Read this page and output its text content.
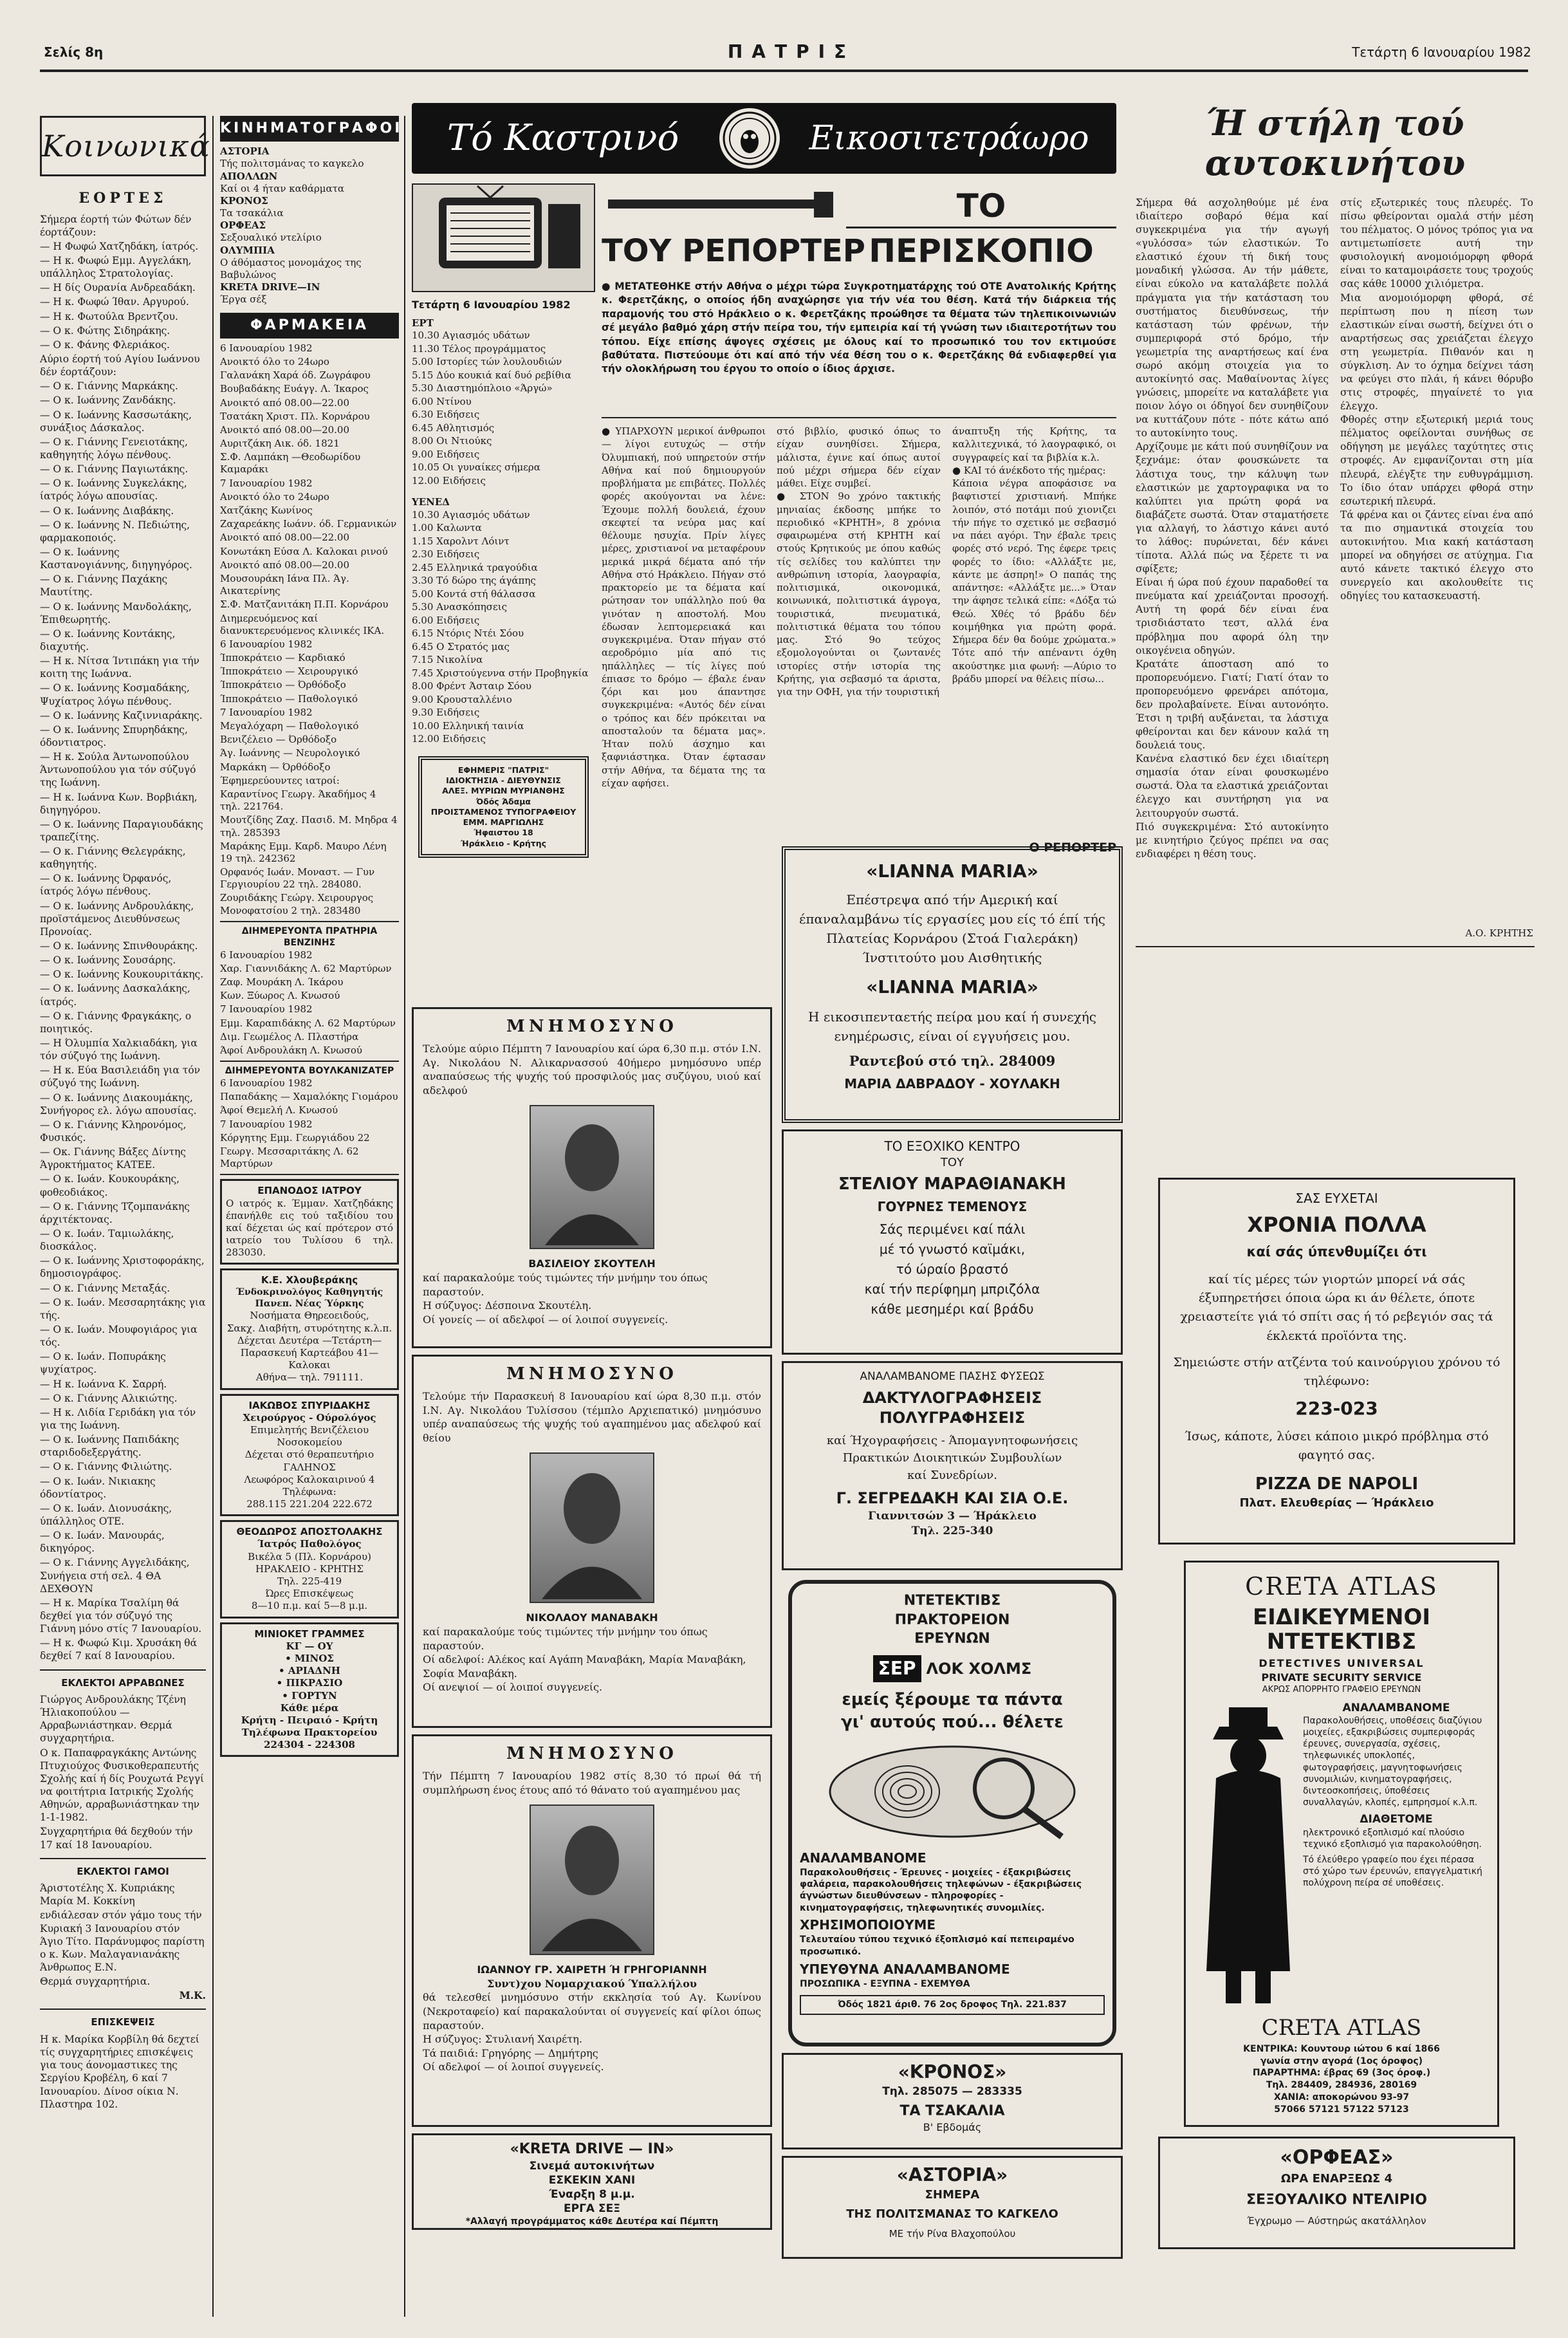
Σελίς 8η	ΠΑΤΡΙΣ	Τετάρτη 6 Ιανουαρίου 1982
Κοινωνικά
ΕΟΡΤΕΣ
Σήμερα έορτή τών Φώτων δέν έορτάζουν:
— Η Φωφώ Χατζηδάκη, ίατρός.
— Η κ. Φωφώ Εμμ. Αγγελάκη, υπάλληλος Στρατολογίας.
— Η δίς Ουρανία Ανδρεαδάκη.
— Η κ. Φωφώ Ίθαν. Αργυρού.
— Η κ. Φωτούλα Βρεντζου.
— Ο κ. Φώτης Σιδηράκης.
— Ο κ. Φάνης Φλεριάκος.
Αύριο έορτή τού Αγίου Ιωάννου δέν έορτάζουν:
— Ο κ. Γιάννης Μαρκάκης.
— Ο κ. Ιωάννης Ζανδάκης.
— Ο κ. Ιωάννης Κασσωτάκης, συνάξιος Δάσκαλος.
— Ο κ. Γιάννης Γενειοτάκης, καθηγητής λόγω πένθους.
— Ο κ. Γιάννης Παγιωτάκης.
— Ο κ. Ιωάννης Συγκελάκης, ίατρός λόγω απουσίας.
— Ο κ. Ιωάννης Διαβάκης.
— Ο κ. Ιωάννης Ν. Πεδιώτης, φαρμακοποιός.
— Ο κ. Ιωάννης Καστανογιάννης, διηγηγόρος.
— Ο κ. Γιάννης Παχάκης Μαυτίτης.
— Ο κ. Ιωάννης Μανδολάκης, Έπιθεωρητής.
— Ο κ. Ιωάννης Κοντάκης, διαχυτής.
— Η κ. Νίτσα Ίντιπάκη για τήν κοιτη της Ιωάννα.
— Ο κ. Ιωάννης Κοσμαδάκης, Ψυχίατρος λόγω πένθους.
— Ο κ. Ιωάννης Καζιννιαράκης.
— Ο κ. Ιωάννης Σπυρηδάκης, όδοντιατρος.
— Η κ. Σούλα Άντωνοπούλου Άντωνοπούλου για τόν σύζυγό της Ιωάννη.
— Η κ. Ιωάννα Κων. Βορβιάκη, διηγηγόρου.
— Ο κ. Ιωάννης Παραγιουδάκης τραπεζίτης.
— Ο κ. Γιάννης Θελεγράκης, καθηγητής.
— Ο κ. Ιωάννης Όρφανός, ίατρός λόγω πένθους.
— Ο κ. Ιωάννης Ανδρουλάκης, προϊστάμενος Διευθύνσεως Προνοίας.
— Ο κ. Ιωάννης Σπινθουράκης.
— Ο κ. Ιωάννης Σουσάρης.
— Ο κ. Ιωάννης Κουκουριτάκης.
— Ο κ. Ιωάννης Δασκαλάκης, ίατρός.
— Ο κ. Γιάννης Φραγκάκης, ο ποιητικός.
— Η Όλυμπία Χαλκιαδάκη, για τόν σύζυγό της Ιωάννη.
— Η κ. Εύα Βασιλειάδη για τόν σύζυγό της Ιωάννη.
— Ο κ. Ιωάννης Διακουμάκης, Συνήγορος ελ. λόγω απουσίας.
— Ο κ. Γιάννης Κληρονόμος, Φυσικός.
— Οκ. Γιάννης Βάξες Δίντης Άγροκτήματος ΚΑΤΕΕ.
— Ο κ. Ιωάν. Κουκουράκης, φοθεοδιάκος.
— Ο κ. Γιάννης Τζομπανάκης άρχιτέκτονας.
— Ο κ. Ιωάν. Ταμιωλάκης, διοσκάλος.
— Ο κ. Ιωάννης Χριστοφοράκης, δημοσιογράφος.
— Ο κ. Γιάννης Μεταξάς.
— Ο κ. Ιωάν. Μεσσαρητάκης για τής.
— Ο κ. Ιωάν. Μουφογιάρος για τός.
— Ο κ. Ιωάν. Πoπυράκης ψυχίατρος.
— Η κ. Ιωάννα Κ. Σαρρή.
— Ο κ. Γιάννης Αλικιώτης.
— Η κ. Λιδία Γεριδάκη για τόν για της Ιωάννη.
— Ο κ. Ιωάννης Παπιδάκης σταριδοδεξεργάτης.
— Ο κ. Γιάννης Φιλιώτης.
— Ο κ. Ιωάν. Νικιακης όδοντίατρος.
— Ο κ. Ιωάν. Διονυσάκης, ύπάλληλος ΟΤΕ.
— Ο κ. Ιωάν. Μανουράς, δικηγόρος.
— Ο κ. Γιάννης Αγγελιδάκης, Συνήγεια στή σελ. 4 ΘΑ ΔΕΧΘΟΥΝ
— Η κ. Μαρίκα Τσαλίμη θά δεχθεί για τόν σύζυγό της Γιάννη μόνο στίς 7 Ιανουαρίου.
— Η κ. Φωφώ Κιμ. Χρυσάκη θά δεχθεί 7 καί 8 Ιανουαρίου.
ΕΚΛΕΚΤΟΙ ΑΡΡΑΒΩΝΕΣ
Γιώργος Ανδρουλάκης Τζένη Ήλιακοπούλου — Αρραβωνιάστηκαν. Θερμά συγχαρητήρια.
Ο κ. Παπαφραγκάκης Αντώνης Πτυχιούχος Φυσικοθεραπευτής Σχολής καί ή δίς Ρουχωτά Ρεγγί να φοιτήτρια Ιατρικής Σχολής Αθηνών, αρραβωνιάστηκαν την 1-1-1982.
Συγχαρητήρια θά δεχθούν τήν 17 καί 18 Ιανουαρίου.
ΕΚΛΕΚΤΟΙ ΓΑΜΟΙ
Άριστοτέλης Χ. Κυπριάκης Μαρία Μ. Κοκκίνη
ενδιάλεσαν στόν γάμο τους τήν Κυριακή 3 Ιανουαρίου στόν Άγιο Τίτο. Παράνυμφος παρίστη ο κ. Κων. Μαλαγανιανάκης Άνθρωπος Ε.Ν.
Θερμά συγχαρητήρια.
Μ.Κ.
ΕΠΙΣΚΕΨΕΙΣ
Η κ. Μαρίκα Κορβίλη θά δεχτεί τίς συγχαρητήριες επισκέψεις για τους άονομαστικες της Σεργίου Κροβέλη, 6 καί 7 Ιανουαρίου. Δίνοσ οίκια Ν. Πλαστηρα 102.
ΚΙΝΗΜΑΤΟΓΡΑΦΟΙ
ΑΣΤΟΡΙΑ
Τής πολιτσμάνας το καγκελο
ΑΠΟΛΛΩΝ
Καί οι 4 ήταν καθάρματα
ΚΡΟΝΟΣ
Τα τσακάλια
ΟΡΦΕΑΣ
Σεξουαλικό ντελίριο
ΟΛΥΜΠΙΑ
Ο άθόμαστος μονομάχος της Βαβυλώνος
KRETA DRIVE—IN
Έργα σέξ
ΦΑΡΜΑΚΕΙΑ
6 Ιανουαρίου 1982
Ανοικτό όλο το 24ωρο
Γαλανάκη Χαρά όδ. Ζωγράφου
Βουβαδάκης Ευάγγ. Λ. Ίκαρος
Ανοικτό από 08.00—22.00
Τσατάκη Χριστ. Πλ. Κορνάρου
Ανοικτό από 08.00—20.00
Αυριτζάκη Αικ. όδ. 1821
Σ.Φ. Λαμπάκη —Θεοδωρίδου Καμαράκι
7 Ιανουαρίου 1982
Ανοικτό όλο το 24ωρο
Χατζάκης Κωνίνος
Ζαχαρεάκης Ιωάνν. όδ. Γερμανικών
Ανοικτό από 08.00—22.00
Κονωτάκη Εύσα Λ. Καλοκαι ρινού
Ανοικτό από 08.00—20.00
Μουσουράκη Ιάνα Πλ. Άγ. Αικατερίνης
Σ.Φ. Ματζανιτάκη Π.Π. Κορνάρου
Διημερευόμενος καί διανυκτερευόμενος κλινικές ΙΚΑ.
6 Ιανουαρίου 1982
Ίπποκράτειο — Καρδιακό
Ίπποκράτειο — Χειρουργικό
Ίπποκράτειο — Όρθόδοξο
Ίπποκράτειο — Παθολογικό
7 Ιανουαρίου 1982
Μεγαλόχαρη — Παθολογικό
Βενιζέλειο — Όρθόδοξο
Άγ. Ιωάννης — Νευρολογικό
Μαρκάκη — Όρθόδοξο
Έφημερεύουντες ιατροί:
Καραντίνος Γεωργ. Άκαδήμος 4 τηλ. 221764.
Μουτζίδης Ζαχ. Πασιδ. Μ. Μηδρα 4 τηλ. 285393
Μαράκης Εμμ. Καρδ. Μαυρο Λένη 19 τηλ. 242362
Ορφανός Ιωάν. Μοναστ. — Γυν Γεργιουρίου 22 τηλ. 284080.
Ζουριδάκης Γεώργ. Χειρουργος Μονοφατσίου 2 τηλ. 283480
ΔΙΗΜΕΡΕΥΟΝΤΑ ΠΡΑΤΗΡΙΑ ΒΕΝΖΙΝΗΣ
6 Ιανουαρίου 1982
Χαρ. Γιαννιδάκης Λ. 62 Μαρτύρων
Ζαφ. Μουράκη Λ. Ίκάρου
Κων. Ξύωρος Λ. Κνωσού
7 Ιανουαρίου 1982
Εμμ. Καραπιδάκης Λ. 62 Μαρτύρων
Διμ. Γεωμέλος Λ. Πλαστήρα
Άφοί Ανδρουλάκη Λ. Κνωσού
ΔΙΗΜΕΡΕΥΟΝΤΑ ΒΟΥΛΚΑΝΙΖΑΤΕΡ
6 Ιανουαρίου 1982
Παπαδάκης — Χαμαλόκης Γιομάρου
Άφοί Θεμελή Λ. Κνωσού
7 Ιανουαρίου 1982
Κόργητης Εμμ. Γεωργιάδου 22
Γεωργ. Μεσσαριτάκης Λ. 62 Μαρτύρων
ΕΠΑΝΟΔΟΣ ΙΑΤΡΟΥ
Ο ιατρός κ. Έμμαν. Χατζηδάκης έπανήλθε εις τού ταξιδίου του καί δέχεται ώς καί πρότερον στό ιατρείο του Τυλίσου 6 τηλ. 283030.
Κ.Ε. Χλουβεράκης
Ένδοκρινολόγος Καθηγητής Πανεπ. Νέας Ύόρκης
Νοσήματα Θηρεοειδούς,
Σακχ. Διαβήτη, στυρότητης κ.λ.π.
Δέχεται Δευτέρα —Τετάρτη—Παρασκευή Καρτεάβου 41—Καλοκαι
Αθήνα— τηλ. 791111.
ΙΑΚΩΒΟΣ ΣΠΥΡΙΔΑΚΗΣ
Χειρούργος - Ούρολόγος
Επιμελητής Βενιζέλειου Νοσοκομείου
Δέχεται στό θεραπευτήριο ΓΑΛΗΝΟΣ
Λεωφόρος Καλοκαιρινού 4
Τηλέφωνα:
288.115 221.204 222.672
ΘΕΟΔΩΡΟΣ ΑΠΟΣΤΟΛΑΚΗΣ
Ίατρός Παθολόγος
Βικέλα 5 (Πλ. Κορνάρου)
ΗΡΑΚΛΕΙΟ - ΚΡΗΤΗΣ
Τηλ. 225-419
Ώρες Επισκέψεως
8—10 π.μ. καί 5—8 μ.μ.
ΜΙΝΙΟΚΕΤ ΓΡΑΜΜΕΣ
ΚΓ — ΟΥ
• ΜΙΝΟΣ
• ΑΡΙΑΔΝΗ
• ΠΙΚΡΑΣΙΟ
• ΓΟΡΤΥΝ
Κάθε μέρα
Κρήτη - Πειραιό - Κρήτη
Τηλέφωνα Πρακτορείου
224304 - 224308
Τό Καστρινό	Εικοσιτετράωρο
Τετάρτη 6 Ιανουαρίου 1982
ΕΡΤ
10.30 Αγιασμός υδάτων
11.30 Τέλος προγράμματος
5.00 Ιστορίες τών λουλουδιών
5.15 Δύο κουκιά καί δυό ρεβίθια
5.30 Διαστημόπλοιο «Άργώ»
6.00 Ντίνου
6.30 Ειδήσεις
6.45 Αθλητισμός
8.00 Οι Ντιούκς
9.00 Ειδήσεις
10.05 Οι γυναίκες σήμερα
12.00 Ειδήσεις
ΥΕΝΕΔ
10.30 Αγιασμός υδάτων
1.00 Καλωντα
1.15 Χαρολντ Λόιντ
2.30 Ειδήσεις
2.45 Ελληνικά τραγούδια
3.30 Τό δώρο της άγάπης
5.00 Κοντά στή θάλασσα
5.30 Ανασκόπησεις
6.00 Ειδήσεις
6.15 Ντόρις Ντέι Σόου
6.45 Ο Στρατός μας
7.15 Νικολίνα
7.45 Χριστούγεννα στήν Προβηγκία
8.00 Φρέντ Άσταιρ Σόου
9.00 Κρουσταλλένιο
9.30 Ειδήσεις
10.00 Ελληνική ταινία
12.00 Ειδήσεις
ΕΦΗΜΕΡΙΣ "ΠΑΤΡΙΣ"
ΙΔΙΟΚΤΗΣΙΑ - ΔΙΕΥΘΥΝΣΙΣ
ΑΛΕΞ. ΜΥΡΙΩΝ ΜΥΡΙΑΝΘΗΣ
Όδός Άδαμα
ΠΡΟΙΣΤΑΜΕΝΟΣ ΤΥΠΟΓΡΑΦΕΙΟΥ
ΕΜΜ. ΜΑΡΓΙΩΛΗΣ
Ήφαιστου 18
Ήράκλειο - Κρήτης
ΤΟ ΠΕΡΙΣΚΟΠΙΟ
ΤΟΥ ΡΕΠΟΡΤΕΡ
● ΜΕΤΑΤΕΘΗΚΕ στήν Αθήνα ο μέχρι τώρα Συγκροτηματάρχης τού ΟΤΕ Ανατολικής Κρήτης κ. Φερετζάκης, ο οποίος ήδη αναχώρησε για τήν νέα του θέση. Κατά τήν διάρκεια τής παραμονής του στό Ηράκλειο ο κ. Φερετζάκης προώθησε τα θέματα τών τηλεπικοινωνιών σέ μεγάλο βαθμό χάρη στήν πείρα του, τήν εμπειρία καί τή γνώση των ιδιαιτεροτήτων του τόπου. Είχε επίσης άψογες σχέσεις με όλους καί το προσωπικό του τον εκτιμούσε βαθύτατα. Πιστεύουμε ότι καί από τήν νέα θέση του ο κ. Φερετζάκης θά ενδιαφερθεί για τήν ολοκλήρωση του έργου το οποίο ο ίδιος άρχισε.
● ΥΠΑΡΧΟΥΝ μερικοί άνθρωποι — λίγοι ευτυχώς — στήν Όλυμπιακή, πού υπηρετούν στήν Αθήνα καί πού δημιουργούν προβλήματα με επιβάτες. Πολλές φορές ακούγονται να λένε: Έχουμε πολλή δουλειά, έχουν σκεφτεί τα νεύρα μας καί θέλουμε ησυχία. Πρίν λίγες μέρες, χριστιανοί να μεταφέρουν μερικά μικρά δέματα από τήν Αθήνα στό Ηράκλειο. Πήγαν στό πρακτορείο με τα δέματα καί ρώτησαν τον υπάλληλο πού θα γινόταν η αποστολή. Μου έδωσαν λεπτομερειακά και συγκεκριμένα. Όταν πήγαν στό αεροδρόμιο μία από τις ηπάλληλες — τίς λίγες πού έπιασε το δρόμο — έβαλε έναν ζόρι και μου άπαντησε συγκεκριμένα: «Αυτός δέν είναι ο τρόπος και δέν πρόκειται να αποσταλούν τα δέματα μας». Ήταν πολύ άσχημο και ξαφνιάστηκα. Όταν έφτασαν στήν Αθήνα, τα δέματα της τα είχαν αφήσει.
στό βιβλίο, φυσικό όπως το είχαν συνηθίσει. Σήμερα, μάλιστα, έγινε καί όπως αυτοί πού μέχρι σήμερα δέν είχαν μάθει. Είχε συμβεί.
● ΣΤΟΝ 9ο χρόνο τακτικής μηνιαίας έκδοσης μπήκε το περιοδικό «ΚΡΗΤΗ», 8 χρόνια σφαιρωμένα στή ΚΡΗΤΗ καί στούς Κρητικούς με όπου καθώς τίς σελίδες του καλύπτει την ανθρώπινη ιστορία, λαογραφία, πολιτισμικά, οικονομικά, κοινωνικά, πολιτιστικά άγρογα, τουριστικά, πνευματικά, πολιτιστικά θέματα του τόπου μας. Στό 9ο τεύχος εξομολογούνται οι ζωντανές ιστορίες στήν ιστορία της Κρήτης, για σεβασμό τα άριστα, για την ΟΦΗ, για τήν τουριστική
άναπτυξη τής Κρήτης, τα καλλιτεχνικά, τό λαογραφικό, οι συγγραφείς καί τα βιβλία κ.λ.
● ΚΑΙ τό άνέκδοτο τής ημέρας:
Κάποια νέγρα αποφάσισε να βαφτιστεί χριστιανή. Μπήκε λοιπόν, στό ποτάμι πού χιονιζει τήν πήγε το σχετικό με σεβασμό να πάει αγόρι. Την έβαλε τρεις φορές στό νερό. Της έφερε τρεις φορές το ίδιο: «Αλλάξτε με, κάντε με άσπρη!» Ο παπάς της απάντησε: «Αλλάξτε με...» Όταν την άφησε τελικά είπε: «Δόξα τώ Θεώ. Χθές τό βράδυ δέν κοιμήθηκα για πρώτη φορά. Σήμερα δέν θα δούμε χρώματα.» Τότε από τήν απέναντι όχθη ακούστηκε μια φωνή: —Αύριο το βράδυ μπορεί να θέλεις πίσω...
Ο ΡΕΠΟΡΤΕΡ
Ή στήλη τού
αυτοκινήτου
Σήμερα θά ασχοληθούμε μέ ένα ιδιαίτερο σοβαρό θέμα καί συγκεκριμένα για τήν αγωγή «γυλόσσα» τών ελαστικών. Το ελαστικό έχουν τή δική τους μοναδική γλώσσα. Αν τήν μάθετε, είναι εύκολο να καταλάβετε πολλά πράγματα για τήν κατάσταση του συστήματος διευθύνσεως, τήν κατάσταση τών φρένων, τήν συμπεριφορά στό δρόμο, τήν γεωμετρία της αναρτήσεως καί ένα σωρό ακόμη στοιχεία για το αυτοκίνητό σας. Μαθαίνοντας λίγες γνώσεις, μπορείτε να καταλάβετε για ποιον λόγο οι όδηγοί δεν συνηθίζουν να κυττάζουν πότε - πότε κάτω από το αυτοκίνητο τους.
Αρχίζουμε με κάτι πού συνηθίζουν να ξεχνάμε: όταν φουσκώνετε τα λάστιχα τους, την κάλυψη των ελαστικών με χαρτογραφικα να το καλύπτει για πρώτη φορά να διαβάζετε σωστά. Όταν σταματήσετε για αλλαγή, το λάστιχο κάνει αυτό το λάθος: πυρώνεται, δέν κάνει τίποτα. Αλλά πώς να ξέρετε τι να σφίξετε;
Είναι ή ώρα πού έχουν παραδοθεί τα πνεύματα καί χρειάζονται προσοχή. Αυτή τη φορά δέν είναι ένα τρισδιάστατο τεστ, αλλά ένα πρόβλημα που αφορά όλη την οικογένεια οδηγών.
Κρατάτε άποσταση από το προπορευόμενο. Γιατί; Γιατί όταν το προπορευόμενο φρενάρει απότομα, δεν προλαβαίνετε. Είναι αυτονόητο. Έτσι η τριβή αυξάνεται, τα λάστιχα φθείρονται και δεν κάνουν καλά τη δουλειά τους.
Κανένα ελαστικό δεν έχει ιδιαίτερη σημασία όταν είναι φουσκωμένο σωστά. Όλα τα ελαστικά χρειάζονται έλεγχο και συντήρηση για να λειτουργούν σωστά.
Πιό συγκεκριμένα: Στό αυτοκίνητο με κινητήριο ζεύγος πρέπει να σας ενδιαφέρει η θέση τους.
στίς εξωτερικές τους πλευρές. Το πίσω φθείρονται ομαλά στήν μέση του πέλματος. Ο μόνος τρόπος για να αντιμετωπίσετε αυτή την φυσιολογική ανομοιόμορφη φθορά είναι το καταμοιράσετε τους τροχούς σας κάθε 10000 χιλιόμετρα.
Μια ανομοιόμορφη φθορά, σέ περίπτωση που η πίεση των ελαστικών είναι σωστή, δείχνει ότι ο αναρτήσεως σας χρειάζεται έλεγχο στη γεωμετρία. Πιθανόν και η σύγκλιση. Αν το όχημα δείχνει τάση να φεύγει στο πλάι, ή κάνει θόρυβο στις στροφές, πηγαίνετέ το για έλεγχο.
Φθορές στην εξωτερική μεριά τους πέλματος οφείλονται συνήθως σε οδήγηση με μεγάλες ταχύτητες στις στροφές. Αν εμφανίζονται στη μία πλευρά, ελέγξτε την ευθυγράμμιση. Το ίδιο όταν υπάρχει φθορά στην εσωτερική πλευρά.
Τά φρένα και οι ζάντες είναι ένα από τα πιο σημαντικά στοιχεία του αυτοκινήτου. Μια κακή κατάσταση μπορεί να οδηγήσει σε ατύχημα. Για αυτό κάνετε τακτικό έλεγχο στο συνεργείο και ακολουθείτε τις οδηγίες του κατασκευαστή.
Α.Ο. ΚΡΗΤΗΣ
«LIANNA MARIA»
Επέστρεψα από τήν Αμερική καί έπαναλαμβάνω τίς εργασίες μου είς τό έπί τής Πλατείας Κορνάρου (Στοά Γιαλεράκη) Ίνστιτούτο μου Αισθητικής
«LIANNA MARIA»
Η εικοσιπενταετής πείρα μου καί ή συνεχής ενημέρωσις, είναι οί εγγυήσεις μου.
Ραντεβού στό τηλ. 284009
ΜΑΡΙΑ ΔΑΒΡΑΔΟΥ - ΧΟΥΛΑΚΗ
ΜΝΗΜΟΣΥΝΟ
Τελούμε αύριο Πέμπτη 7 Ιανουαρίου καί ώρα 6,30 π.μ. στόν Ι.Ν. Αγ. Νικολάου Ν. Αλικαρνασσού 40ήμερο μνημόσυνο υπέρ αναπαύσεως τής ψυχής τού προσφιλούς μας συζύγου, υιού καί αδελφού
ΒΑΣΙΛΕΙΟΥ ΣΚΟΥΤΕΛΗ
καί παρακαλούμε τούς τιμώντες τήν μνήμην του όπως παραστούν.
Η σύζυγος: Δέσποινα Σκουτέλη.
Οί γονείς — οί αδελφοί — οί λοιποί συγγενείς.
ΜΝΗΜΟΣΥΝΟ
Τελούμε τήν Παρασκευή 8 Ιανουαρίου καί ώρα 8,30 π.μ. στόν Ι.Ν. Αγ. Νικολάου Τυλίσσου (τέμπλο Αρχιεπατικό) μνημόσυνο υπέρ αναπαύσεως τής ψυχής τού αγαπημένου μας αδελφού καί θείου
ΝΙΚΟΛΑΟΥ ΜΑΝΑΒΑΚΗ
καί παρακαλούμε τούς τιμώντες τήν μνήμην του όπως παραστούν.
Οί αδελφοί: Αλέκος καί Αγάπη Μαναβάκη, Μαρία Μαναβάκη, Σοφία Μαναβάκη.
Οί ανεψιοί — οί λοιποί συγγενείς.
ΜΝΗΜΟΣΥΝΟ
Τήν Πέμπτη 7 Ιανουαρίου 1982 στίς 8,30 τό πρωί θά τή συμπλήρωση ένος έτους από τό θάνατο τού αγαπημένου μας
ΙΩΑΝΝΟΥ ΓΡ. ΧΑΙΡΕΤΗ Ή ΓΡΗΓΟΡΙΑΝΝΗ
Συντ)χου Νομαρχιακού Ύπαλλήλου
θά τελεσθεί μνημόσυνο στήν εκκλησία τού Αγ. Κωνίνου (Νεκροταφείο) καί παρακαλούνται οί συγγενείς καί φίλοι όπως παραστούν.
Η σύζυγος: Στυλιανή Χαιρέτη.
Τά παιδιά: Γρηγόρης — Δημήτρης
Οί αδελφοί — οί λοιποί συγγενείς.
«KRETA DRIVE — IN»
Σινεμά αυτοκινήτων
ΕΣΚΕΚΙΝ ΧΑΝΙ
Έναρξη 8 μ.μ.
ΕΡΓΑ ΣΕΞ
*Αλλαγή προγράμματος κάθε Δευτέρα καί Πέμπτη
ΤΟ ΕΞΟΧΙΚΟ ΚΕΝΤΡΟ
ΤΟΥ
ΣΤΕΛΙΟΥ ΜΑΡΑΘΙΑΝΑΚΗ
ΓΟΥΡΝΕΣ ΤΕΜΕΝΟΥΣ
Σάς περιμένει καί πάλι
μέ τό γνωστό καϊμάκι,
τό ώραίο βραστό
καί τήν περίφημη μπριζόλα
κάθε μεσημέρι καί βράδυ
ΑΝΑΛΑΜΒΑΝΟΜΕ ΠΑΣΗΣ ΦΥΣΕΩΣ
ΔΑΚΤΥΛΟΓΡΑΦΗΣΕΙΣ ΠΟΛΥΓΡΑΦΗΣΕΙΣ
καί Ήχογραφήσεις - Άπομαγνητοφωνήσεις
Πρακτικών Διοικητικών Συμβουλίων
καί Συνεδρίων.
Γ. ΣΕΓΡΕΔΑΚΗ ΚΑΙ ΣΙΑ Ο.Ε.
Γιαννιτσών 3 — Ήράκλειο
Τηλ. 225-340
ΝΤΕΤΕΚΤΙΒΣ ΠΡΑΚΤΟΡΕΙΟΝ ΕΡΕΥΝΩΝ
ΣΕΡ ΛΟΚ ΧΟΛΜΣ
εμείς ξέρουμε τα πάντα
γι' αυτούς πού... θέλετε
ΑΝΑΛΑΜΒΑΝΟΜΕ
Παρακολουθήσεις - Έρευνες - μοιχείες - έξακριβώσεις φαλάρεια, παρακολουθήσεις τηλεφώνων - έξακριβώσεις άγνώστων διευθύνσεων - πληροφορίες - κινηματογραφήσεις, τηλεφωνητικές συνομιλίες.
ΧΡΗΣΙΜΟΠΟΙΟΥΜΕ
Τελευταίου τύπου τεχνικό έξοπλισμό καί πεπειραμένο προσωπικό.
ΥΠΕΥΘΥΝΑ ΑΝΑΛΑΜΒΑΝΟΜΕ
ΠΡΟΣΩΠΙΚΑ - ΕΞΥΠΝΑ - ΕΧΕΜΥΘΑ
Όδός 1821 άριθ. 76 2ος δροφος Τηλ. 221.837
«ΚΡΟΝΟΣ»
Τηλ. 285075 — 283335
ΤΑ ΤΣΑΚΑΛΙΑ
Β' Εβδομάς
«ΑΣΤΟΡΙΑ»
ΣΗΜΕΡΑ
ΤΗΣ ΠΟΛΙΤΣΜΑΝΑΣ ΤΟ ΚΑΓΚΕΛΟ
ΜΕ τήν Ρίνα Βλαχοπούλου
ΣΑΣ ΕΥΧΕΤΑΙ
ΧΡΟΝΙΑ ΠΟΛΛΑ
καί σάς ύπενθυμίζει ότι
καί τίς μέρες τών γιορτών μπορεί νά σάς έξυπηρετήσει όποια ώρα κι άν θέλετε, όποτε χρειαστείτε γιά τό σπίτι σας ή τό ρεβεγιόν σας τά έκλεκτά προϊόντα της.
Σημειώστε στήν ατζέντα τού καινούργιου χρόνου τό τηλέφωνο:
223-023
Ίσως, κάποτε, λύσει κάποιο μικρό πρόβλημα στό φαγητό σας.
PIZZA DE NAPOLI
Πλατ. Ελευθερίας — Ήράκλειο
CRETA ATLAS
ΕΙΔΙΚΕΥΜΕΝΟΙ ΝΤΕΤΕΚΤΙΒΣ
DETECTIVES UNIVERSAL
PRIVATE SECURITY SERVICE
ΑΚΡΩΣ ΑΠΟΡΡΗΤΟ ΓΡΑΦΕΙΟ ΕΡΕΥΝΩΝ
ΑΝΑΛΑΜΒΑΝΟΜΕ
Παρακολουθήσεις, υποθέσεις διαζύγιου μοιχείες, εξακριβώσεις συμπεριφοράς έρευνες, συνεργασία, σχέσεις, τηλεφωνικές υποκλοπές, φωτογραφήσεις, μαγνητοφωνήσεις συνομιλιών, κινηματογραφήσεις, διντεοσκοπήσεις, ύποθέσεις συναλλαγών, κλοπές, εμπρησμοί κ.λ.π.
ΔΙΑΘΕΤΟΜΕ
ηλεκτρονικό εξοπλισμό καί πλούσιο τεχνικό εξοπλισμό για παρακολούθηση.
Τό έλεύθερο γραφείο που έχει πέρασα στό χώρο των έρευνών, επαγγελματική πολύχρονη πείρα σέ υποθέσεις.
CRETA ATLAS
ΚΕΝΤΡΙΚΑ: Κουντουρ ιώτου 6 καί 1866
γωνία στην αγορά (1ος όροφος)
ΠΑΡΑΡΤΗΜΑ: έβρας 69 (3ος όροφ.)
Τηλ. 284409, 284936, 280169
ΧΑΝΙΑ: αποκορώνου 93-97
57066 57121 57122 57123
«ΟΡΦΕΑΣ»
ΩΡΑ ΕΝΑΡΞΕΩΣ 4
ΣΕΞΟΥΑΛΙΚΟ ΝΤΕΛΙΡΙΟ
Έγχρωμο — Αύστηρώς ακατάλληλον
